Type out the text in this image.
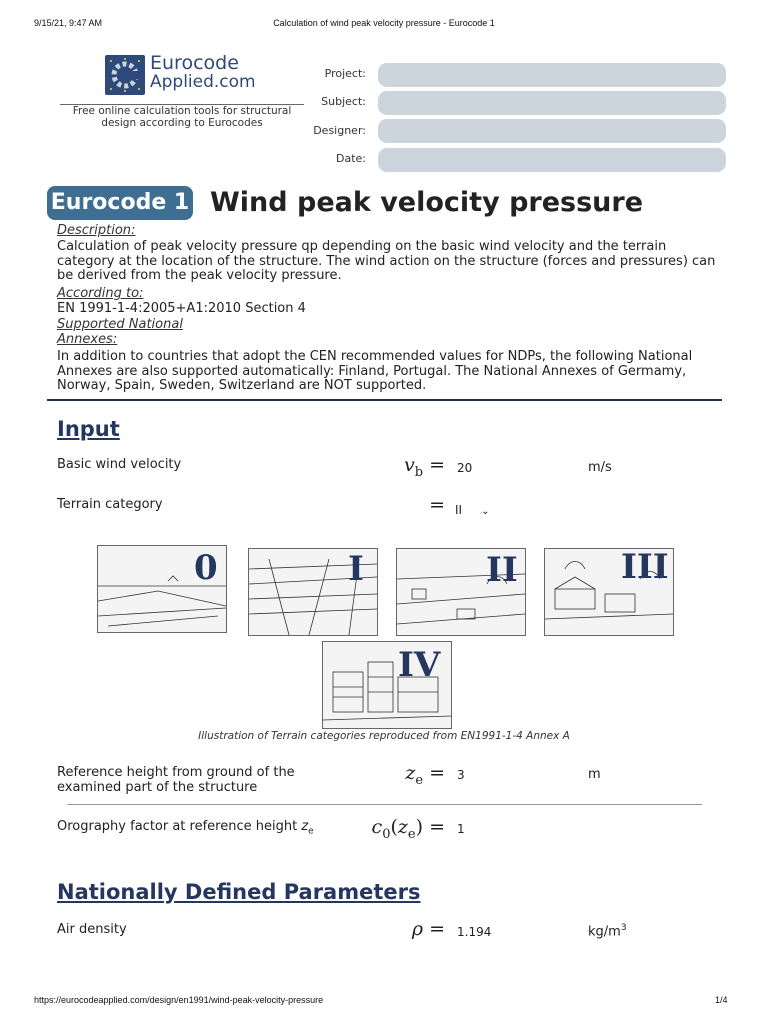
9/15/21, 9:47 AM	Calculation of wind peak velocity pressure - Eurocode 1
Eurocode
Applied.com
Free online calculation tools for structural design according to Eurocodes
Project:
Subject:
Designer:
Date:
Eurocode 1 Wind peak velocity pressure
Description:
Calculation of peak velocity pressure qp depending on the basic wind velocity and the terrain category at the location of the structure. The wind action on the structure (forces and pressures) can be derived from the peak velocity pressure.
According to:
EN 1991-1-4:2005+A1:2010 Section 4
Supported National
Annexes:
In addition to countries that adopt the CEN recommended values for NDPs, the following National Annexes are also supported automatically: Finland, Portugal. The National Annexes of Germamy, Norway, Spain, Sweden, Switzerland are NOT supported.
Input
Basic wind velocity	$v_b = 20$	m/s
Terrain category	= II ⌄
0	I	II	III
IV
Illustration of Terrain categories reproduced from EN1991-1-4 Annex A
Reference height from ground of the
examined part of the structure
$z_e = 3$	m
Orography factor at reference height $z_e$	$c_0(z_e) = 1$
Nationally Defined Parameters
Air density	ρ = 1.194	$kg/m^3$
https://eurocodeapplied.com/design/en1991/wind-peak-velocity-pressure	1/4
